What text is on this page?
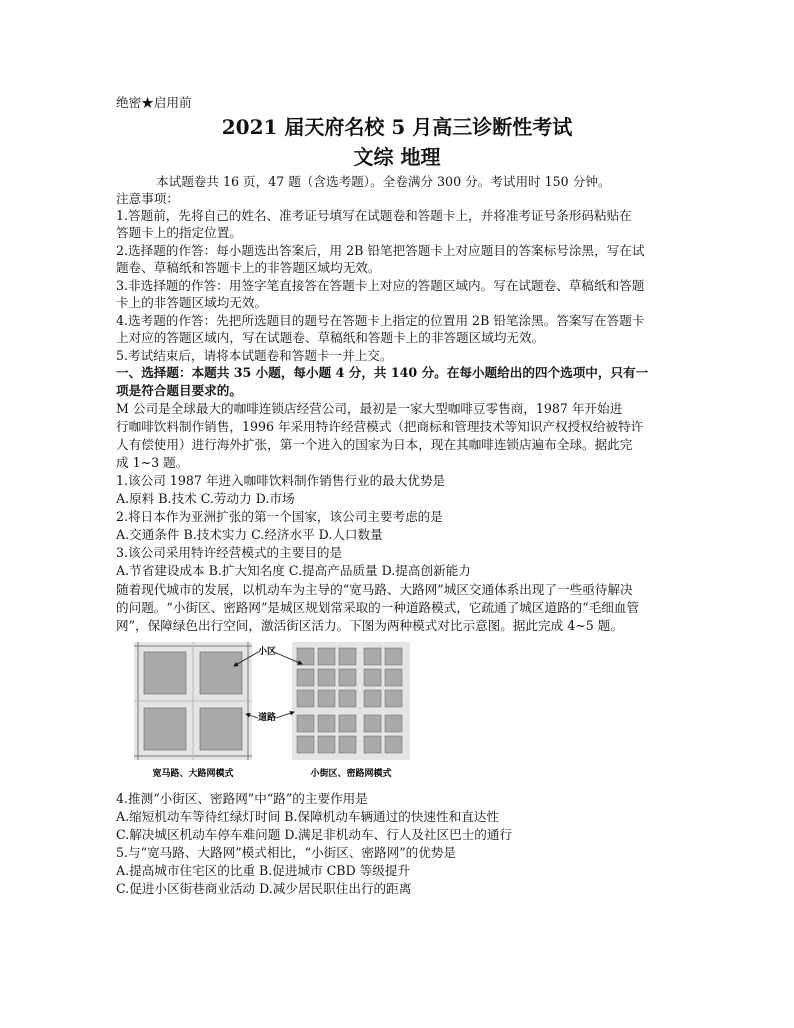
绝密★启用前
2021 届天府名校 5 月高三诊断性考试
文综 地理
本试题卷共 16 页，47 题（含选考题）。全卷满分 300 分。考试用时 150 分钟。
注意事项：
1.答题前，先将自己的姓名、准考证号填写在试题卷和答题卡上，并将准考证号条形码粘贴在
答题卡上的指定位置。
2.选择题的作答：每小题选出答案后，用 2B 铅笔把答题卡上对应题目的答案标号涂黑，写在试
题卷、草稿纸和答题卡上的非答题区域均无效。
3.非选择题的作答：用签字笔直接答在答题卡上对应的答题区域内。写在试题卷、草稿纸和答题
卡上的非答题区域均无效。
4.选考题的作答：先把所选题目的题号在答题卡上指定的位置用 2B 铅笔涂黑。答案写在答题卡
上对应的答题区域内，写在试题卷、草稿纸和答题卡上的非答题区域均无效。
5.考试结束后，请将本试题卷和答题卡一并上交。
一、选择题：本题共 35 小题，每小题 4 分，共 140 分。在每小题给出的四个选项中，只有一
项是符合题目要求的。
M 公司是全球最大的咖啡连锁店经营公司，最初是一家大型咖啡豆零售商，1987 年开始进
行咖啡饮料制作销售，1996 年采用特许经营模式（把商标和管理技术等知识产权授权给被特许
人有偿使用）进行海外扩张，第一个进入的国家为日本，现在其咖啡连锁店遍布全球。据此完
成 1~3 题。
1.该公司 1987 年进入咖啡饮料制作销售行业的最大优势是
A.原料 B.技术 C.劳动力 D.市场
2.将日本作为亚洲扩张的第一个国家，该公司主要考虑的是
A.交通条件 B.技术实力 C.经济水平 D.人口数量
3.该公司采用特许经营模式的主要目的是
A.节省建设成本 B.扩大知名度 C.提高产品质量 D.提高创新能力
随着现代城市的发展，以机动车为主导的“宽马路、大路网”城区交通体系出现了一些亟待解决
的问题。“小街区、密路网”是城区规划常采取的一种道路模式，它疏通了城区道路的“毛细血管
网”，保障绿色出行空间，激活街区活力。下图为两种模式对比示意图。据此完成 4~5 题。
小区
道路
宽马路、大路网模式	小街区、密路网模式
4.推测“小街区、密路网”中“路”的主要作用是
A.缩短机动车等待红绿灯时间 B.保障机动车辆通过的快速性和直达性
C.解决城区机动车停车难问题 D.满足非机动车、行人及社区巴士的通行
5.与“宽马路、大路网”模式相比，“小街区、密路网”的优势是
A.提高城市住宅区的比重 B.促进城市 CBD 等级提升
C.促进小区街巷商业活动 D.减少居民职住出行的距离
